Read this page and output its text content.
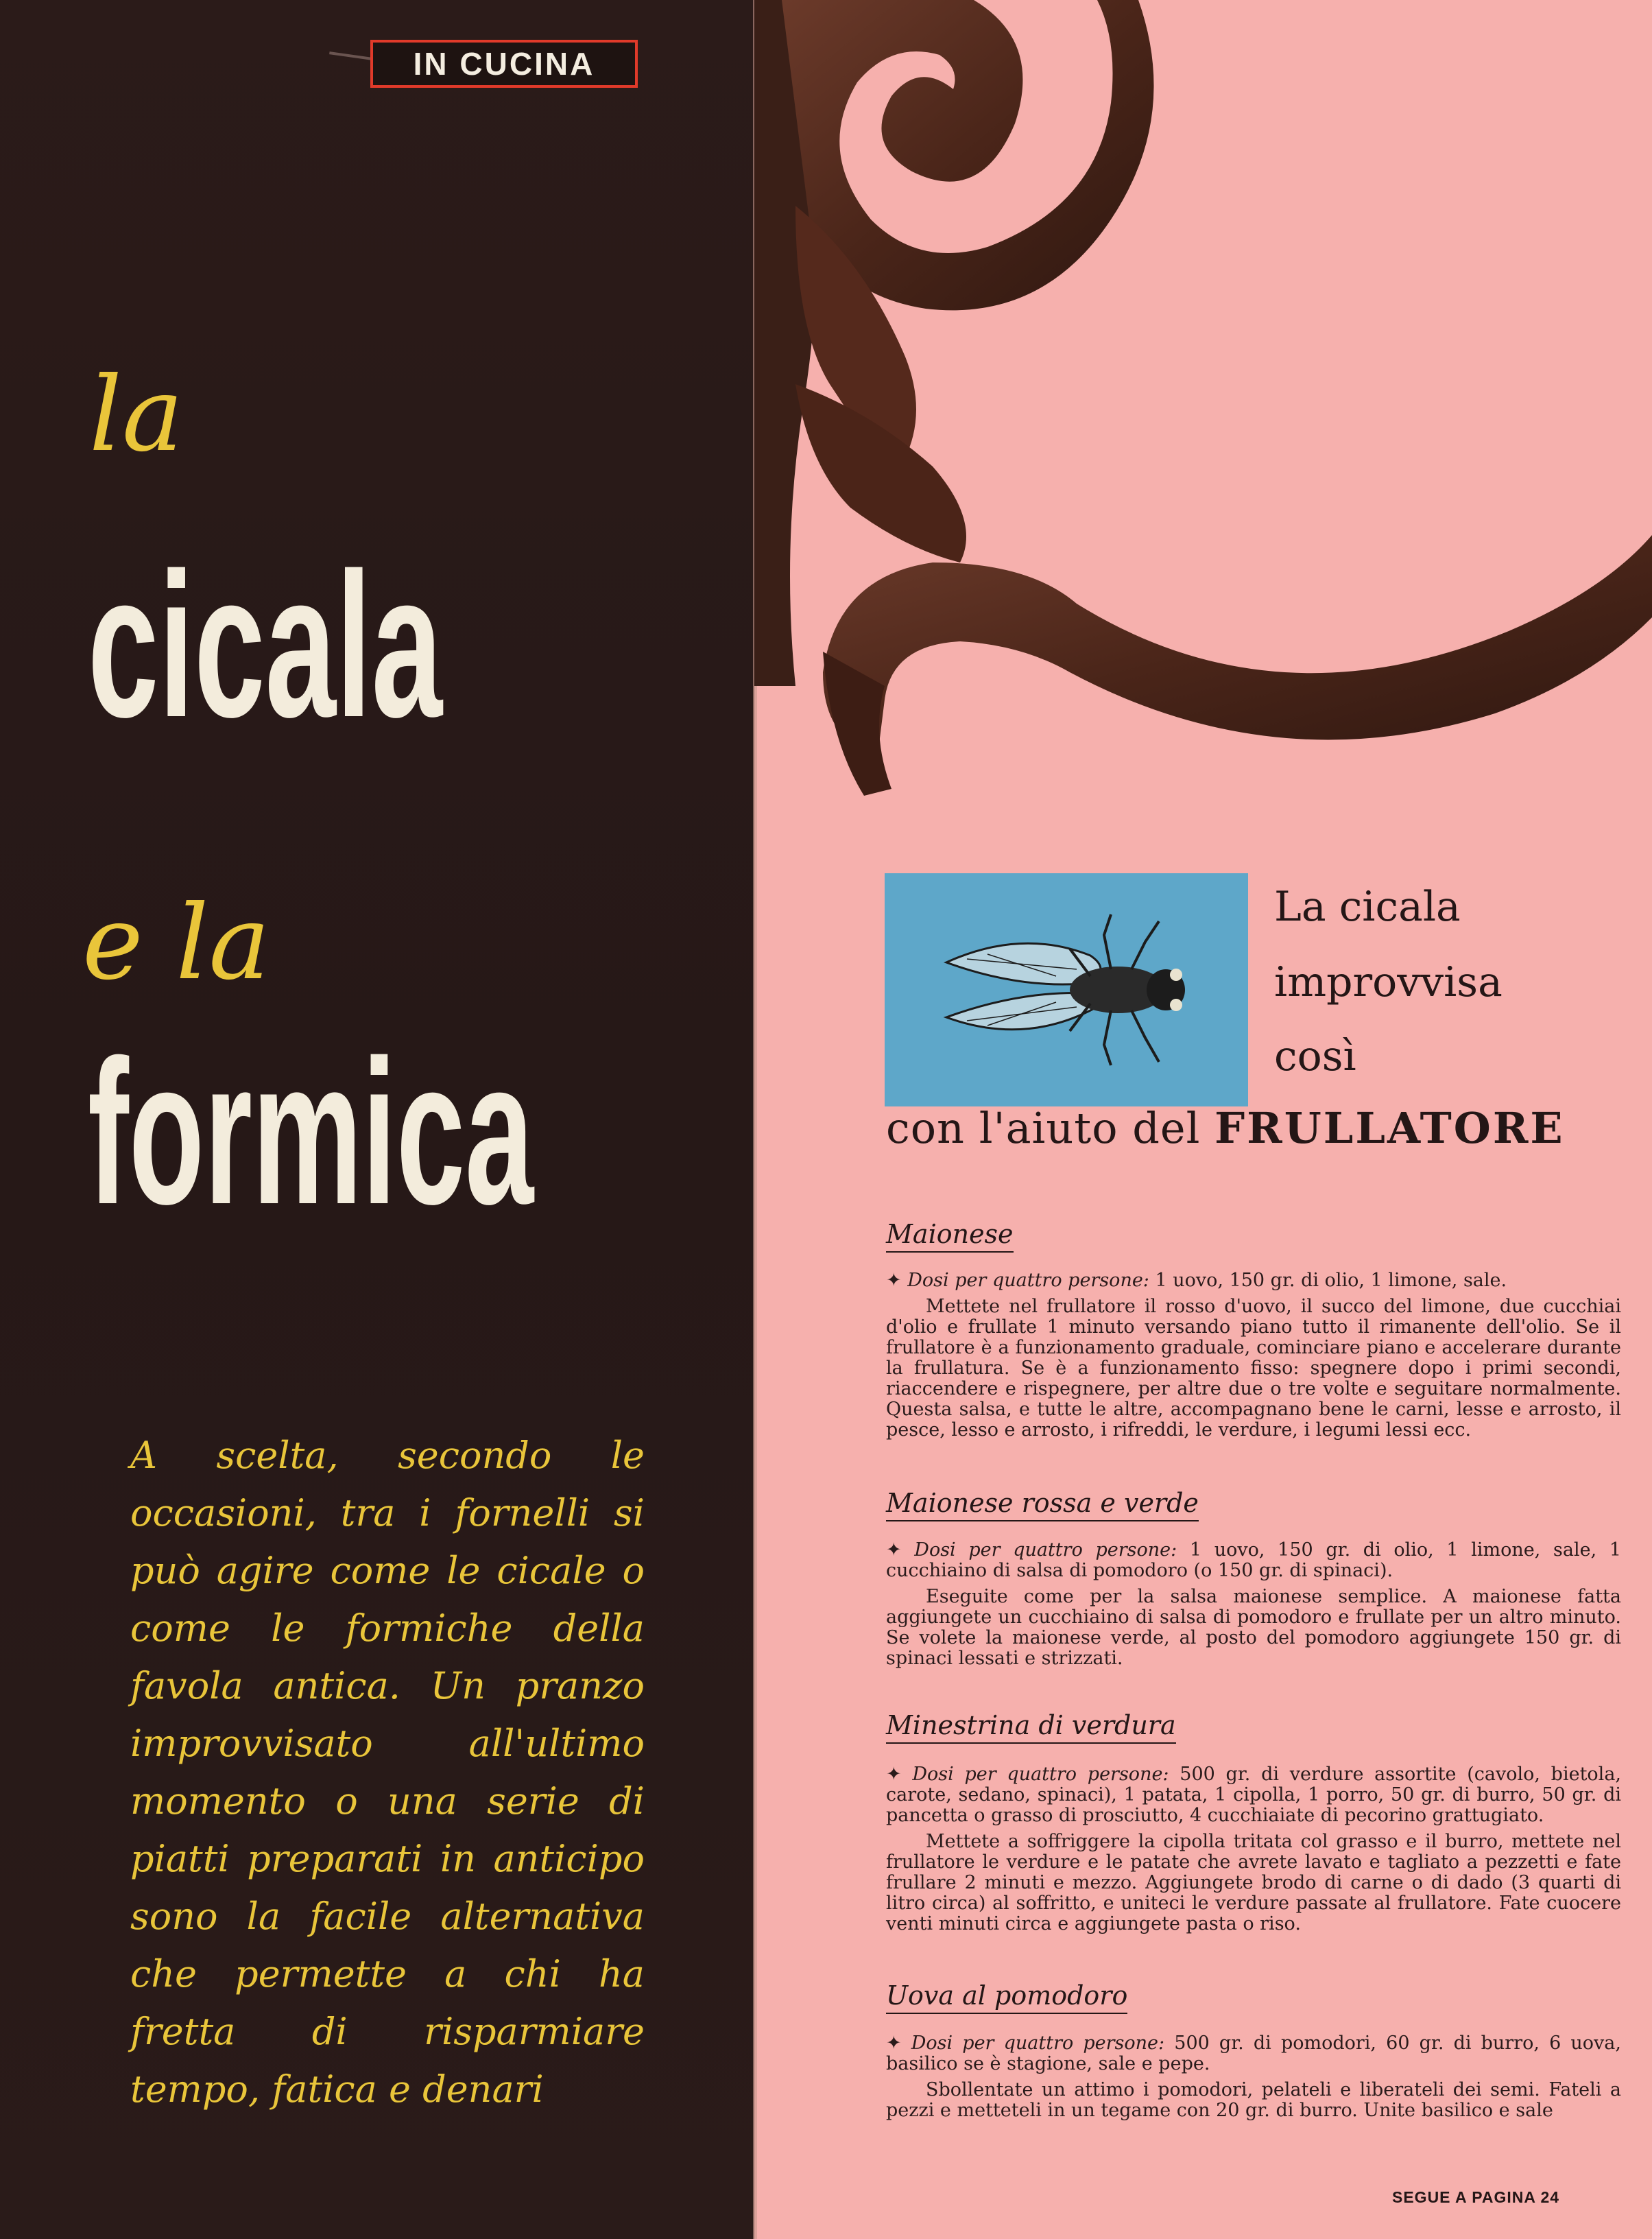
IN CUCINA
la
cicala
e la
formica
A scelta, secondo le occasioni, tra i fornelli si può agire come le cicale o come le formiche della favola antica. Un pranzo improvvisato all'ultimo momento o una serie di piatti preparati in anticipo sono la facile alternativa che permette a chi ha fretta di risparmiare tempo, fatica e denari
La cicala
improvvisa
così
con l'aiuto del FRULLATORE
Maionese

✦ Dosi per quattro persone: 1 uovo, 150 gr. di olio, 1 limone, sale.

Mettete nel frullatore il rosso d'uovo, il succo del limone, due cucchiai d'olio e frullate 1 minuto versando piano tutto il rimanente dell'olio. Se il frullatore è a funzionamento graduale, cominciare piano e accelerare durante la frullatura. Se è a funzionamento fisso: spegnere dopo i primi secondi, riaccendere e rispegnere, per altre due o tre volte e seguitare normalmente. Questa salsa, e tutte le altre, accompagnano bene le carni, lesse e arrosto, il pesce, lesso e arrosto, i rifreddi, le verdure, i legumi lessi ecc.

Maionese rossa e verde

✦ Dosi per quattro persone: 1 uovo, 150 gr. di olio, 1 limone, sale, 1 cucchiaino di salsa di pomodoro (o 150 gr. di spinaci).

Eseguite come per la salsa maionese semplice. A maionese fatta aggiungete un cucchiaino di salsa di pomodoro e frullate per un altro minuto. Se volete la maionese verde, al posto del pomodoro aggiungete 150 gr. di spinaci lessati e strizzati.

Minestrina di verdura

✦ Dosi per quattro persone: 500 gr. di verdure assortite (cavolo, bietola, carote, sedano, spinaci), 1 patata, 1 cipolla, 1 porro, 50 gr. di burro, 50 gr. di pancetta o grasso di prosciutto, 4 cucchiaiate di pecorino grattugiato.

Mettete a soffriggere la cipolla tritata col grasso e il burro, mettete nel frullatore le verdure e le patate che avrete lavato e tagliato a pezzetti e fate frullare 2 minuti e mezzo. Aggiungete brodo di carne o di dado (3 quarti di litro circa) al soffritto, e uniteci le verdure passate al frullatore. Fate cuocere venti minuti circa e aggiungete pasta o riso.

Uova al pomodoro

✦ Dosi per quattro persone: 500 gr. di pomodori, 60 gr. di burro, 6 uova, basilico se è stagione, sale e pepe.

Sbollentate un attimo i pomodori, pelateli e liberateli dei semi. Fateli a pezzi e metteteli in un tegame con 20 gr. di burro. Unite basilico e sale

SEGUE A PAGINA 24
